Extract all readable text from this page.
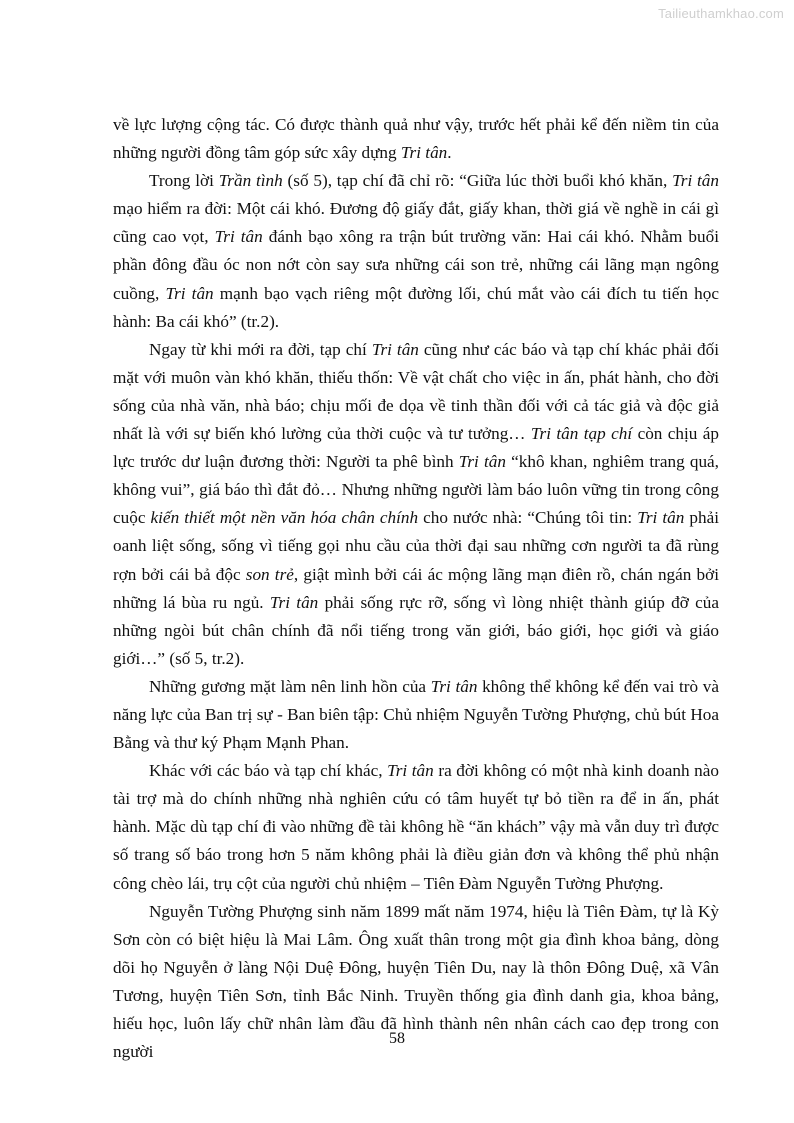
Tailieuthamkhao.com

về lực lượng cộng tác. Có được thành quả như vậy, trước hết phải kể đến niềm tin của những người đồng tâm góp sức xây dựng Tri tân.

Trong lời Trần tình (số 5), tạp chí đã chỉ rõ: “Giữa lúc thời buổi khó khăn, Tri tân mạo hiểm ra đời: Một cái khó. Đương độ giấy đắt, giấy khan, thời giá về nghề in cái gì cũng cao vọt, Tri tân đánh bạo xông ra trận bút trường văn: Hai cái khó. Nhằm buổi phần đông đầu óc non nớt còn say sưa những cái son trẻ, những cái lãng mạn ngông cuồng, Tri tân mạnh bạo vạch riêng một đường lối, chú mắt vào cái đích tu tiến học hành: Ba cái khó” (tr.2).

Ngay từ khi mới ra đời, tạp chí Tri tân cũng như các báo và tạp chí khác phải đối mặt với muôn vàn khó khăn, thiếu thốn: Về vật chất cho việc in ấn, phát hành, cho đời sống của nhà văn, nhà báo; chịu mối đe dọa về tinh thần đối với cả tác giả và độc giả nhất là với sự biến khó lường của thời cuộc và tư tưởng… Tri tân tạp chí còn chịu áp lực trước dư luận đương thời: Người ta phê bình Tri tân “khô khan, nghiêm trang quá, không vui”, giá báo thì đắt đỏ… Nhưng những người làm báo luôn vững tin trong công cuộc kiến thiết một nền văn hóa chân chính cho nước nhà: “Chúng tôi tin: Tri tân phải oanh liệt sống, sống vì tiếng gọi nhu cầu của thời đại sau những cơn người ta đã rùng rợn bởi cái bả độc son trẻ, giật mình bởi cái ác mộng lãng mạn điên rồ, chán ngán bởi những lá bùa ru ngủ. Tri tân phải sống rực rỡ, sống vì lòng nhiệt thành giúp đỡ của những ngòi bút chân chính đã nổi tiếng trong văn giới, báo giới, học giới và giáo giới…” (số 5, tr.2).

Những gương mặt làm nên linh hồn của Tri tân không thể không kể đến vai trò và năng lực của Ban trị sự - Ban biên tập: Chủ nhiệm Nguyễn Tường Phượng, chủ bút Hoa Bằng và thư ký Phạm Mạnh Phan.

Khác với các báo và tạp chí khác, Tri tân ra đời không có một nhà kinh doanh nào tài trợ mà do chính những nhà nghiên cứu có tâm huyết tự bỏ tiền ra để in ấn, phát hành. Mặc dù tạp chí đi vào những đề tài không hề “ăn khách” vậy mà vẫn duy trì được số trang số báo trong hơn 5 năm không phải là điều giản đơn và không thể phủ nhận công chèo lái, trụ cột của người chủ nhiệm – Tiên Đàm Nguyễn Tường Phượng.

Nguyễn Tường Phượng sinh năm 1899 mất năm 1974, hiệu là Tiên Đàm, tự là Kỳ Sơn còn có biệt hiệu là Mai Lâm. Ông xuất thân trong một gia đình khoa bảng, dòng dõi họ Nguyễn ở làng Nội Duệ Đông, huyện Tiên Du, nay là thôn Đông Duệ, xã Vân Tương, huyện Tiên Sơn, tỉnh Bắc Ninh. Truyền thống gia đình danh gia, khoa bảng, hiếu học, luôn lấy chữ nhân làm đầu đã hình thành nên nhân cách cao đẹp trong con người

58
